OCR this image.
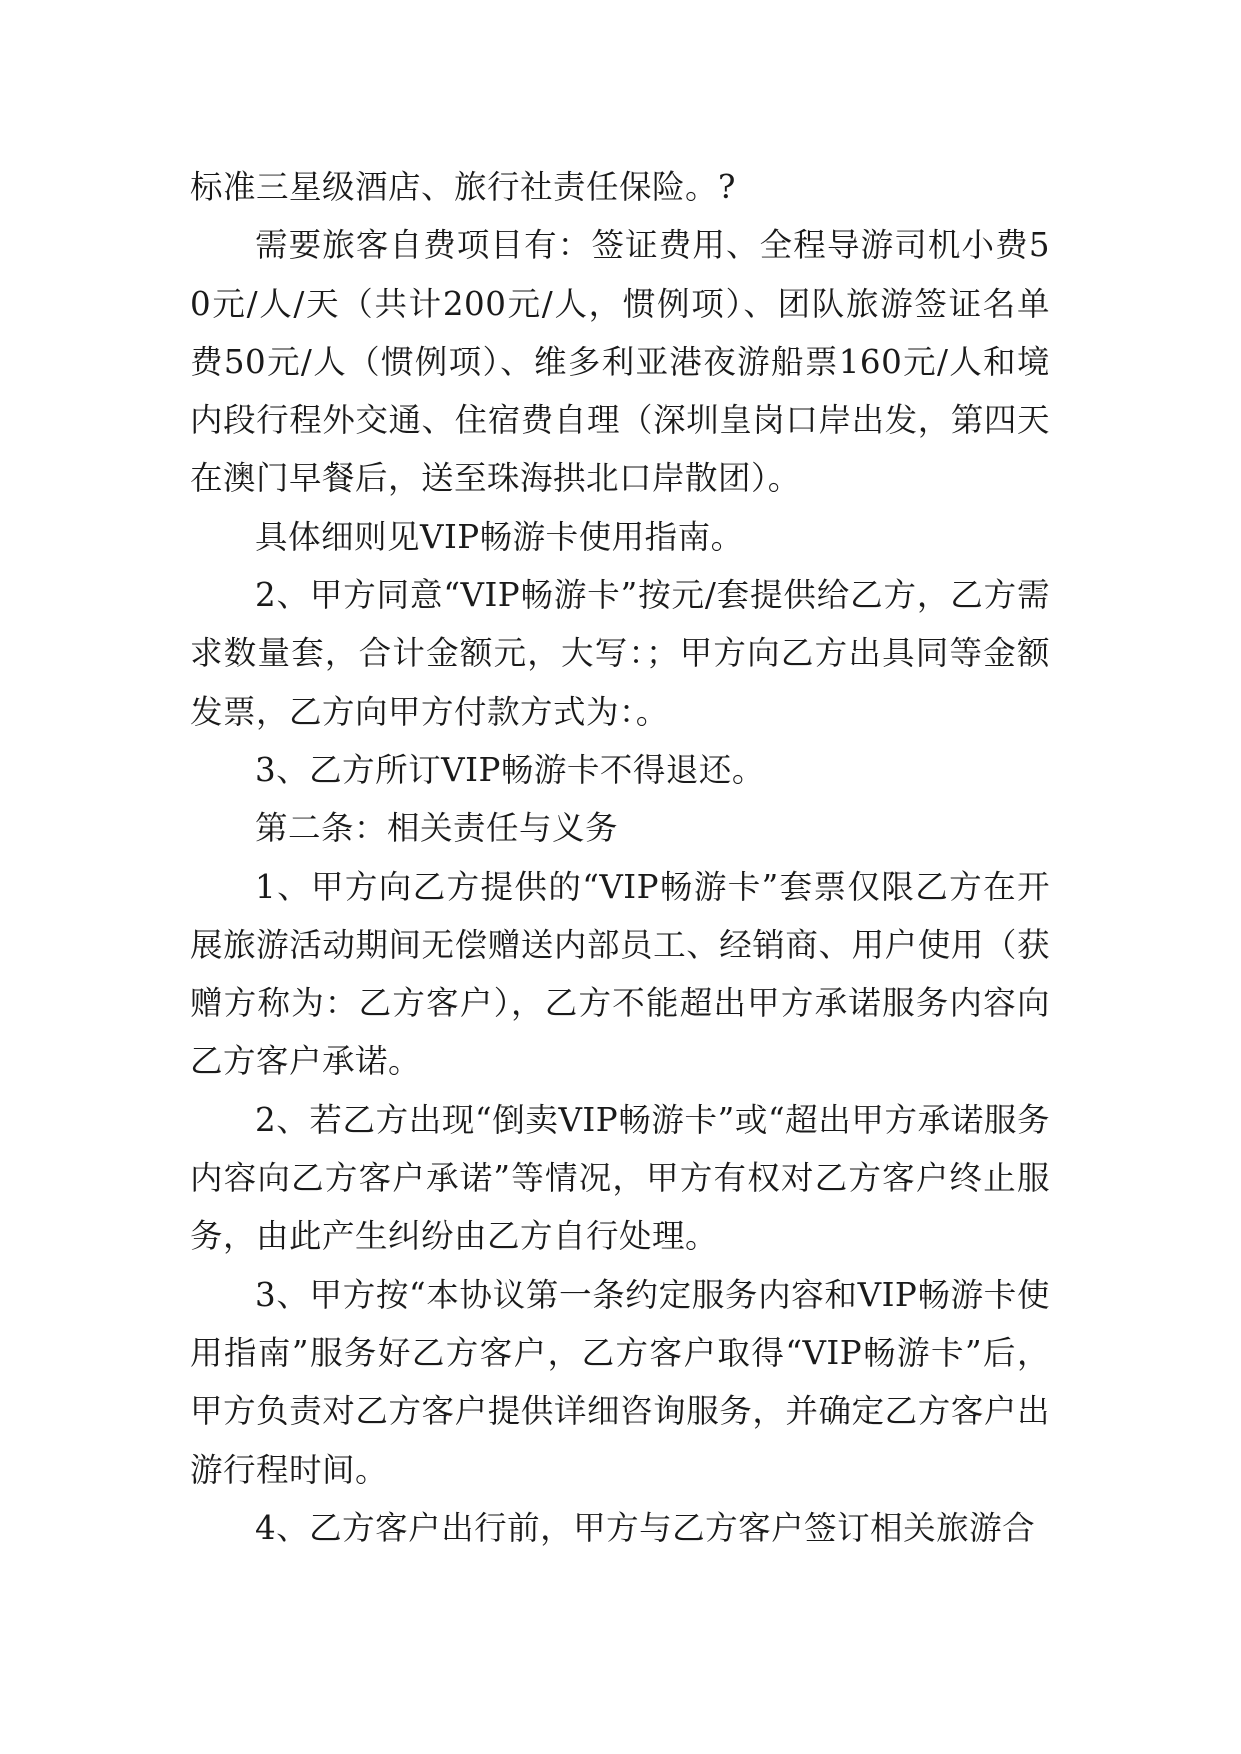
标准三星级酒店、旅行社责任保险。?

需要旅客自费项目有：签证费用、全程导游司机小费50元/人/天（共计200元/人，惯例项）、团队旅游签证名单费50元/人（惯例项）、维多利亚港夜游船票160元/人和境内段行程外交通、住宿费自理（深圳皇岗口岸出发，第四天在澳门早餐后，送至珠海拱北口岸散团）。

具体细则见VIP畅游卡使用指南。

2、甲方同意“VIP畅游卡”按元/套提供给乙方，乙方需求数量套，合计金额元，大写：；甲方向乙方出具同等金额发票，乙方向甲方付款方式为：。

3、乙方所订VIP畅游卡不得退还。

第二条：相关责任与义务

1、甲方向乙方提供的“VIP畅游卡”套票仅限乙方在开展旅游活动期间无偿赠送内部员工、经销商、用户使用（获赠方称为：乙方客户），乙方不能超出甲方承诺服务内容向乙方客户承诺。

2、若乙方出现“倒卖VIP畅游卡”或“超出甲方承诺服务内容向乙方客户承诺”等情况，甲方有权对乙方客户终止服务，由此产生纠纷由乙方自行处理。

3、甲方按“本协议第一条约定服务内容和VIP畅游卡使用指南”服务好乙方客户，乙方客户取得“VIP畅游卡”后，甲方负责对乙方客户提供详细咨询服务，并确定乙方客户出游行程时间。

4、乙方客户出行前，甲方与乙方客户签订相关旅游合
